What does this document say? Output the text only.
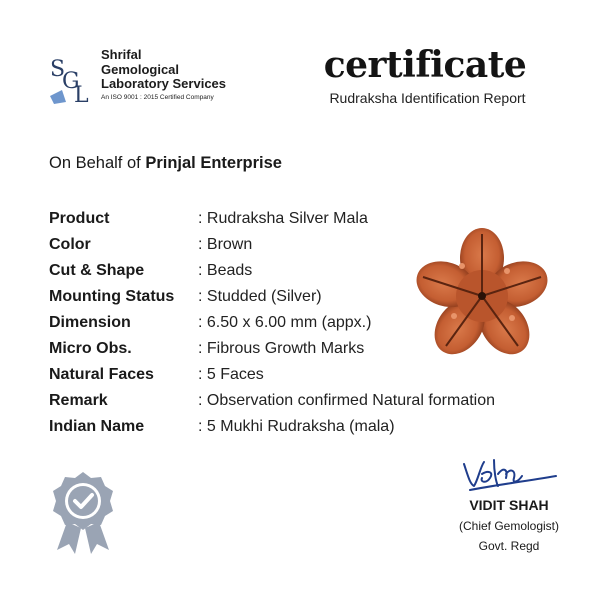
S
G
L
Shrifal
Gemological
Laboratory Services
An ISO 9001 : 2015 Certified Company
certificate
Rudraksha Identification Report
On Behalf of Prinjal Enterprise
Product	: Rudraksha Silver Mala
Color	: Brown
Cut & Shape	: Beads
Mounting Status : Studded (Silver)
Dimension	: 6.50 x 6.00 mm (appx.)
Micro Obs.	: Fibrous Growth Marks
Natural Faces	: 5 Faces
Remark	: Observation confirmed Natural formation
Indian Name	: 5 Mukhi Rudraksha (mala)
VIDIT SHAH
(Chief Gemologist)
Govt. Regd
